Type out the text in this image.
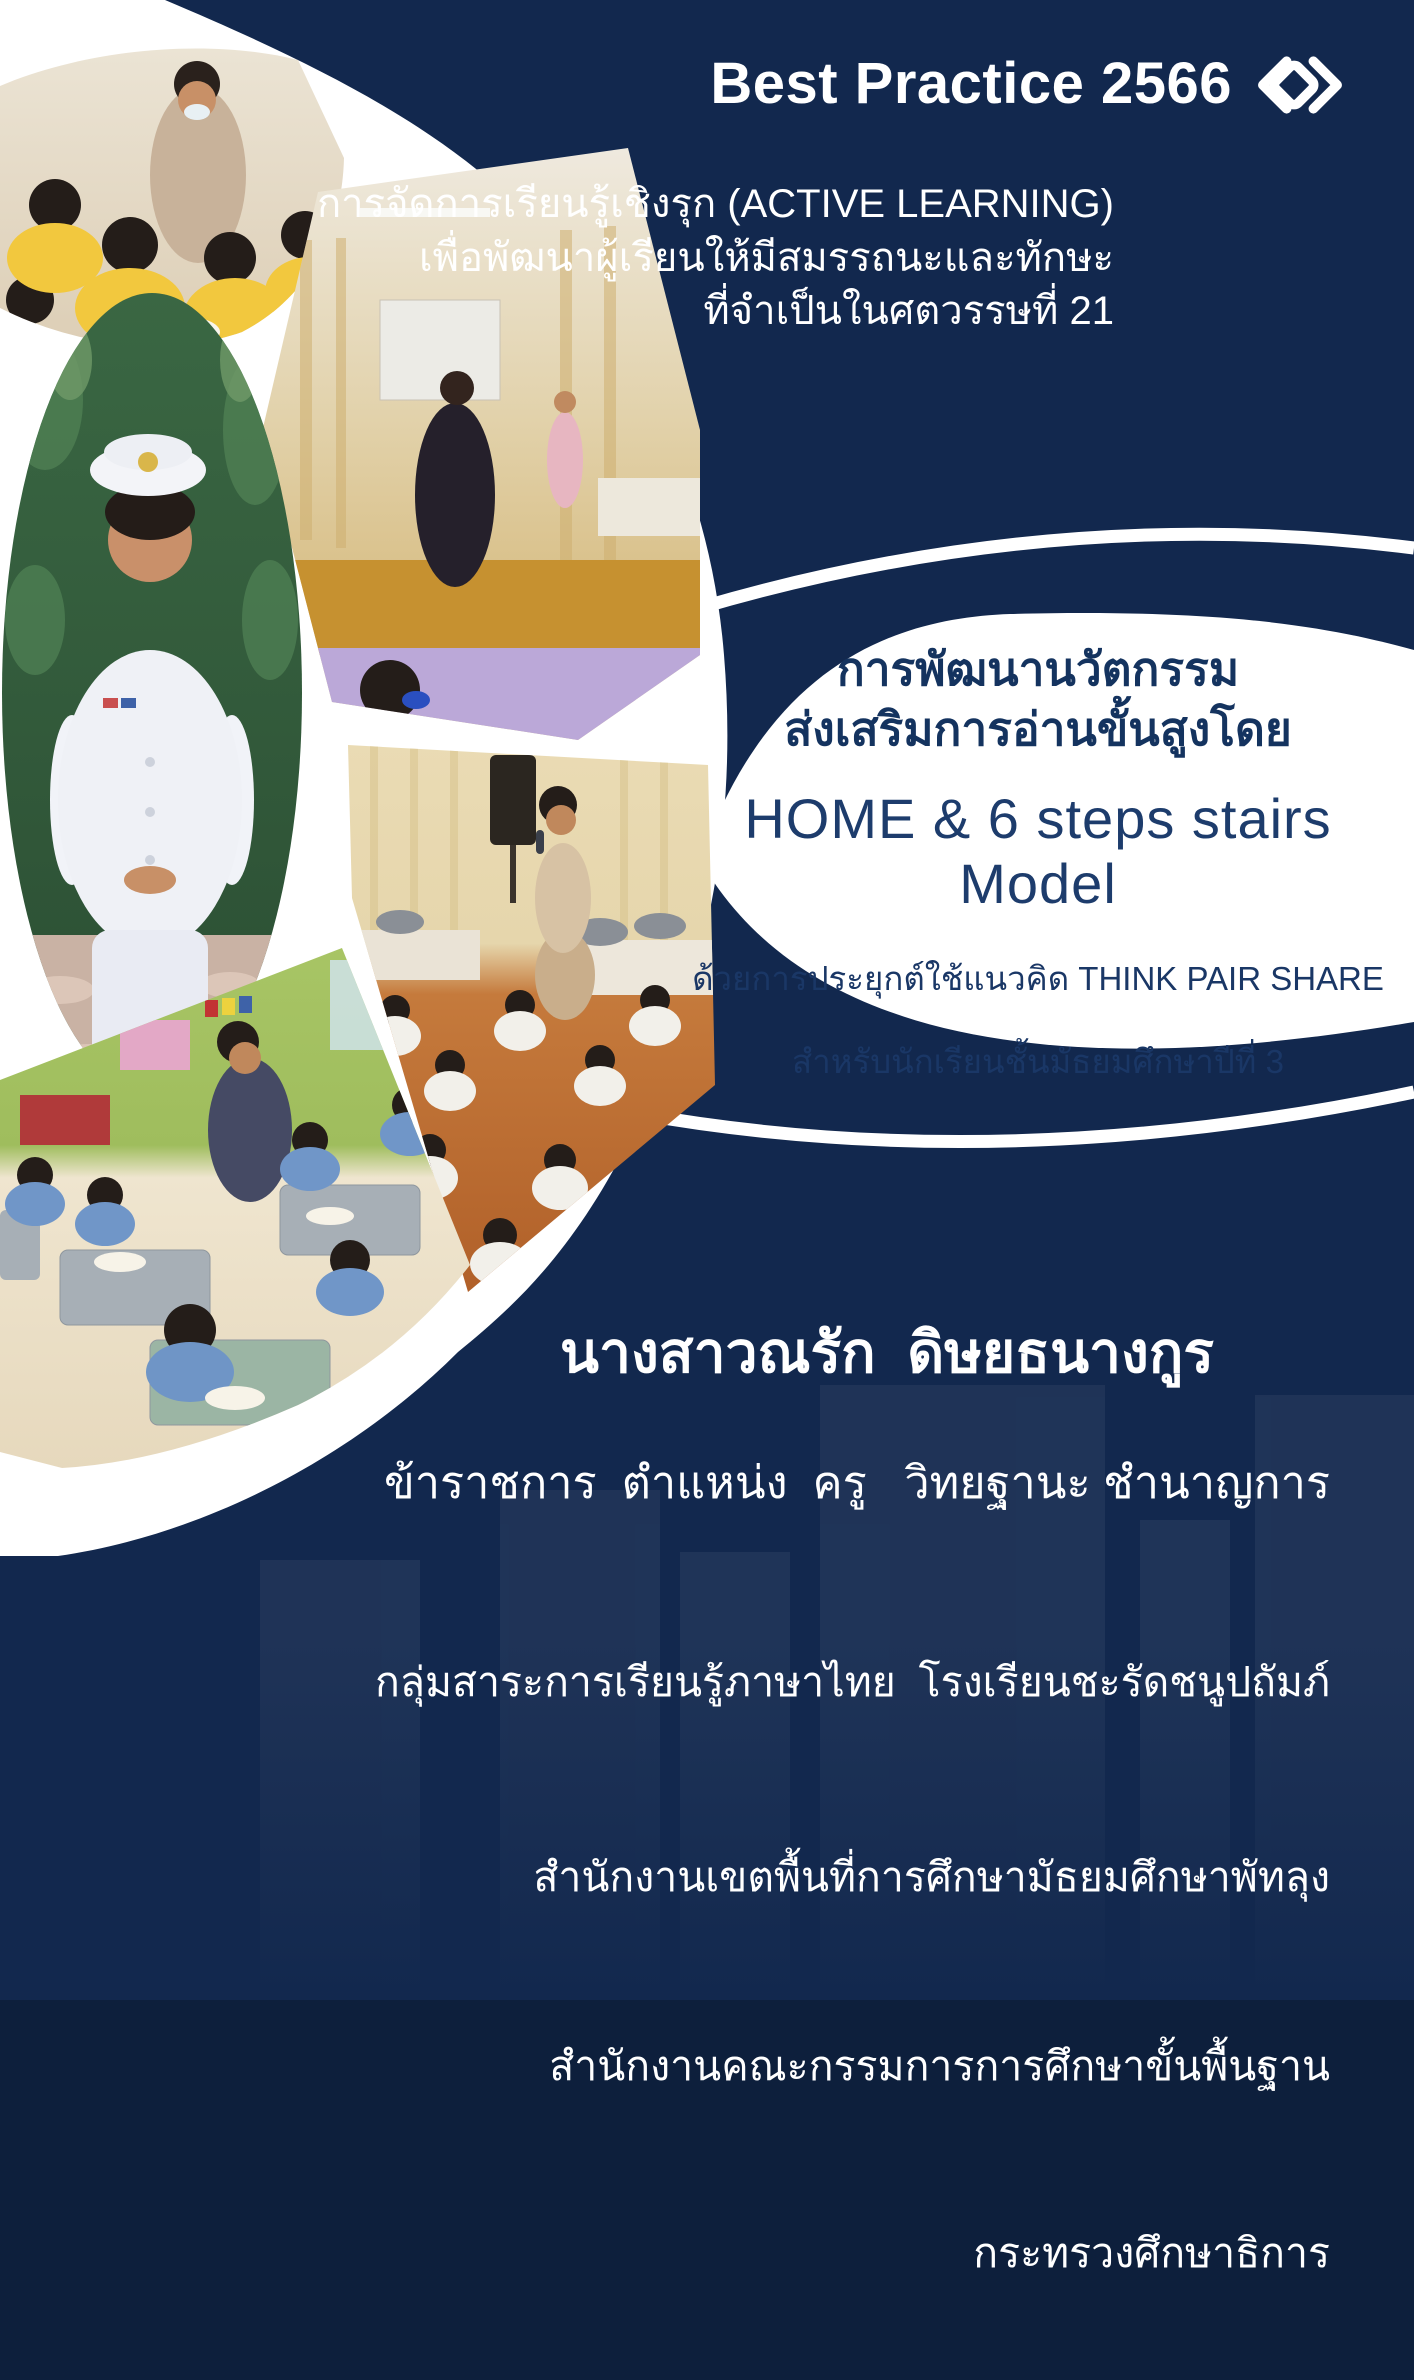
Best Practice 2566
การจัดการเรียนรู้เชิงรุก (ACTIVE LEARNING)
เพื่อพัฒนาผู้เรียนให้มีสมรรถนะและทักษะ
ที่จำเป็นในศตวรรษที่ 21
การพัฒนานวัตกรรม
ส่งเสริมการอ่านขั้นสูงโดย
HOME & 6 steps stairs Model
ด้วยการประยุกต์ใช้แนวคิด THINK PAIR SHARE
สำหรับนักเรียนชั้นมัธยมศึกษาปีที่ 3
นางสาวณรัก  ดิษยธนางกูร
ข้าราชการ  ตำแหน่ง  ครู   วิทยฐานะ ชำนาญการ

กลุ่มสาระการเรียนรู้ภาษาไทย  โรงเรียนชะรัดชนูปถัมภ์

สำนักงานเขตพื้นที่การศึกษามัธยมศึกษาพัทลุง

สำนักงานคณะกรรมการการศึกษาขั้นพื้นฐาน

กระทรวงศึกษาธิการ
